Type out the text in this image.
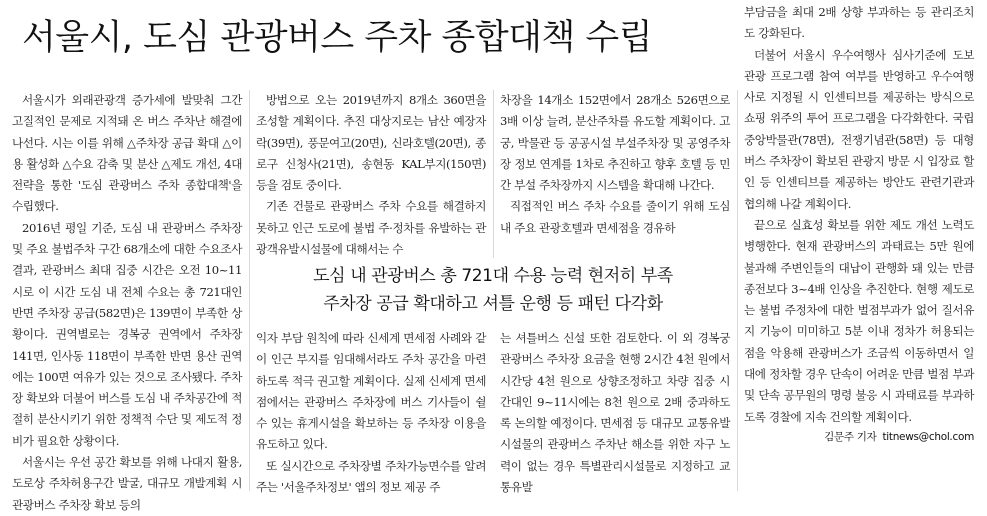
서울시, 도심 관광버스 주차 종합대책 수립

서울시가 외래관광객 증가세에 발맞춰 그간 고질적인 문제로 지적돼 온 버스 주차난 해결에 나선다. 시는 이를 위해 △주차장 공급 확대 △이용 활성화 △수요 감축 및 분산 △제도 개선, 4대 전략을 통한 '도심 관광버스 주차 종합대책'을 수립했다.

2016년 평일 기준, 도심 내 관광버스 주차장 및 주요 불법주차 구간 68개소에 대한 수요조사 결과, 관광버스 최대 집중 시간은 오전 10~11시로 이 시간 도심 내 전체 수요는 총 721대인 반면 주차장 공급(582면)은 139면이 부족한 상황이다. 권역별로는 경복궁 권역에서 주차장 141면, 인사동 118면이 부족한 반면 용산 권역에는 100면 여유가 있는 것으로 조사됐다. 주차장 확보와 더불어 버스를 도심 내 주차공간에 적절히 분산시키기 위한 정책적 수단 및 제도적 정비가 필요한 상황이다.

서울시는 우선 공간 확보를 위해 나대지 활용, 도로상 주차허용구간 발굴, 대규모 개발계획 시 관광버스 주차장 확보 등의

방법으로 오는 2019년까지 8개소 360면을 조성할 계획이다. 추진 대상지로는 남산 예장자락(39면), 풍문여고(20면), 신라호텔(20면), 종로구 신청사(21면), 송현동 KAL부지(150면) 등을 검토 중이다.

기존 건물로 관광버스 주차 수요를 해결하지 못하고 인근 도로에 불법 주·정차를 유발하는 관광객유발시설물에 대해서는 수

차장을 14개소 152면에서 28개소 526면으로 3배 이상 늘려, 분산주차를 유도할 계획이다. 고궁, 박물관 등 공공시설 부설주차장 및 공영주차장 정보 연계를 1차로 추진하고 향후 호텔 등 민간 부설 주차장까지 시스템을 확대해 나간다.

직접적인 버스 주차 수요를 줄이기 위해 도심 내 주요 관광호텔과 면세점을 경유하

도심 내 관광버스 총 721대 수용 능력 현저히 부족
주차장 공급 확대하고 셔틀 운행 등 패턴 다각화

익자 부담 원칙에 따라 신세계 면세점 사례와 같이 인근 부지를 임대해서라도 주차 공간을 마련하도록 적극 권고할 계획이다. 실제 신세계 면세점에서는 관광버스 주차장에 버스 기사들이 쉴 수 있는 휴게시설을 확보하는 등 주차장 이용을 유도하고 있다.

또 실시간으로 주차장별 주차가능면수를 알려주는 '서울주차정보' 앱의 정보 제공 주

는 셔틀버스 신설 또한 검토한다. 이 외 경복궁 관광버스 주차장 요금을 현행 2시간 4천 원에서 시간당 4천 원으로 상향조정하고 차량 집중 시간대인 9~11시에는 8천 원으로 2배 중과하도록 논의할 예정이다. 면세점 등 대규모 교통유발시설물의 관광버스 주차난 해소를 위한 자구 노력이 없는 경우 특별관리시설물로 지정하고 교통유발

부담금을 최대 2배 상향 부과하는 등 관리조치도 강화된다.

더불어 서울시 우수여행사 심사기준에 도보 관광 프로그램 참여 여부를 반영하고 우수여행사로 지정될 시 인센티브를 제공하는 방식으로 쇼핑 위주의 투어 프로그램을 다각화한다. 국립중앙박물관(78면), 전쟁기념관(58면) 등 대형버스 주차장이 확보된 관광지 방문 시 입장료 할인 등 인센티브를 제공하는 방안도 관련기관과 협의해 나갈 계획이다.

끝으로 실효성 확보를 위한 제도 개선 노력도 병행한다. 현재 관광버스의 과태료는 5만 원에 불과해 주변인들의 대납이 관행화 돼 있는 만큼 종전보다 3~4배 인상을 추진한다. 현행 제도로는 불법 주정차에 대한 벌점부과가 없어 질서유지 기능이 미미하고 5분 이내 정차가 허용되는 점을 악용해 관광버스가 조금씩 이동하면서 일대에 정차할 경우 단속이 어려운 만큼 벌점 부과 및 단속 공무원의 명령 불응 시 과태료를 부과하도록 경찰에 지속 건의할 계획이다.

김문주 기자 titnews@chol.com
